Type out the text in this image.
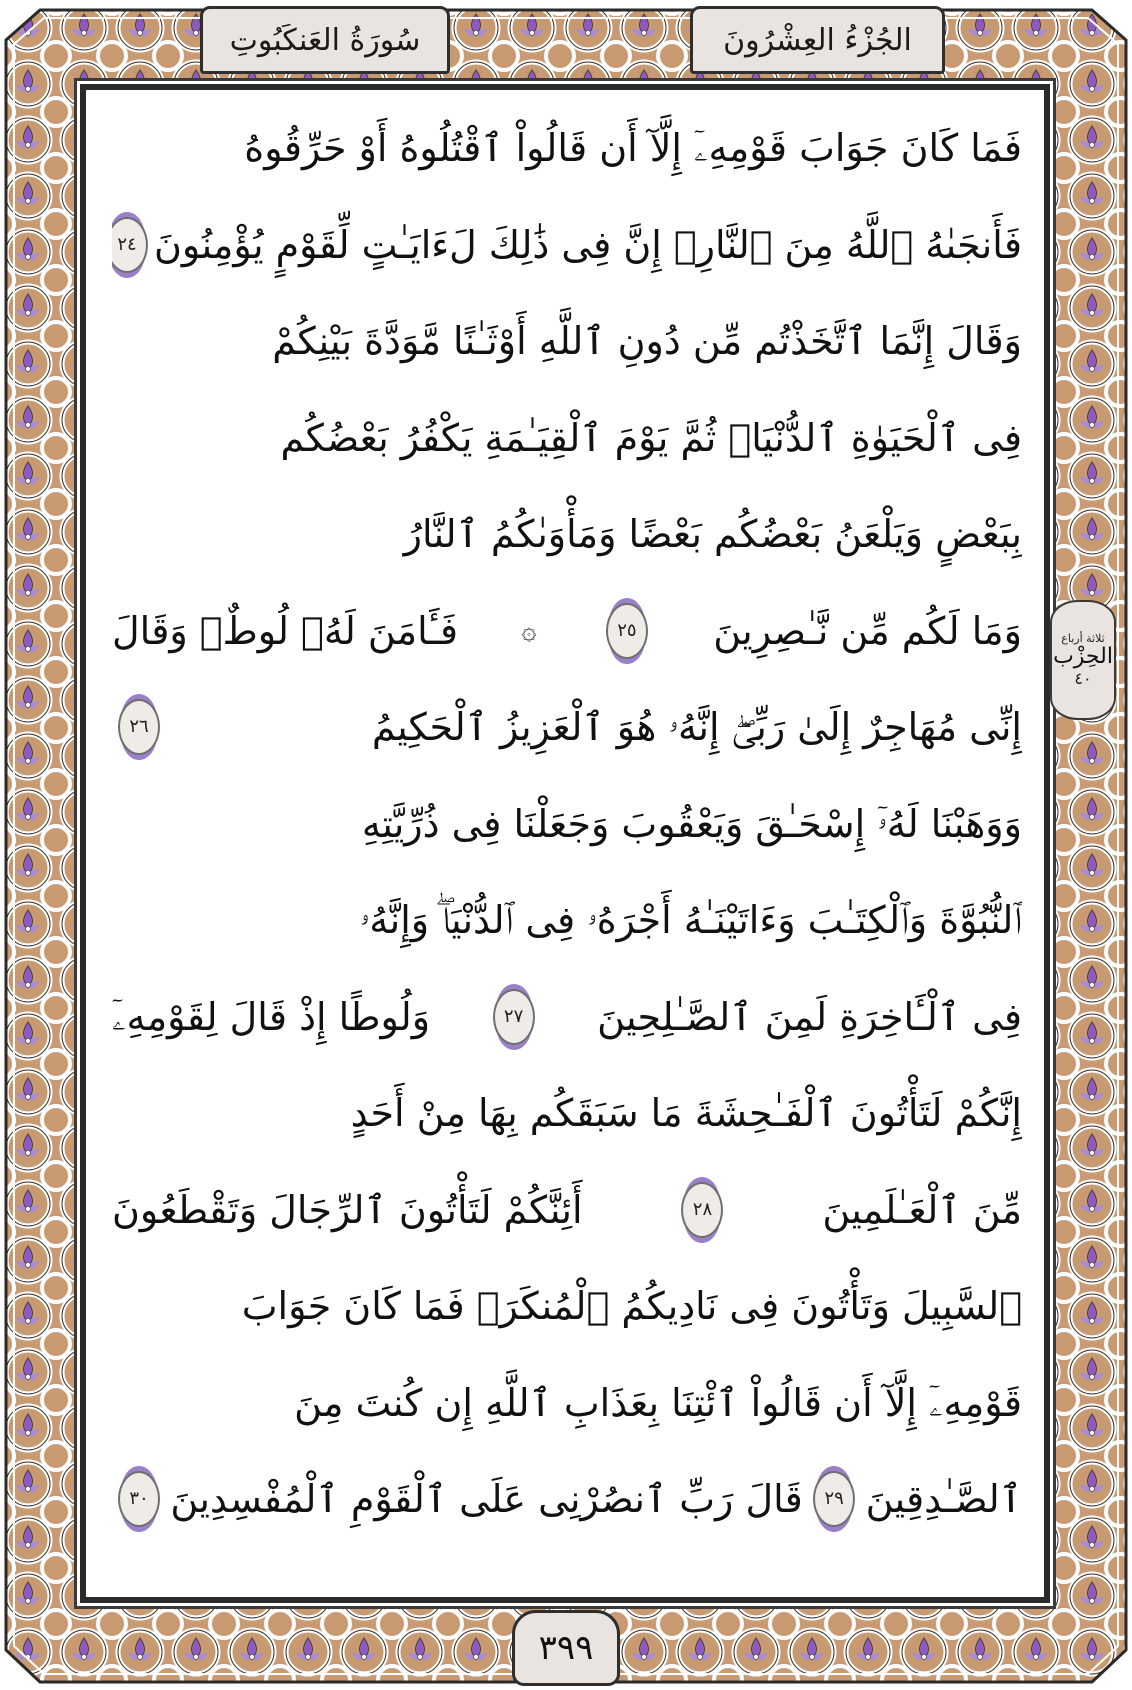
سُورَةُ العَنكَبُوتِ	الجُزْءُ العِشْرُونَ
فَمَا كَانَ جَوَابَ قَوْمِهِۦٓ إِلَّآ أَن قَالُواْ ٱقْتُلُوهُ أَوْ حَرِّقُوهُ
فَأَنجَىٰهُ ٱللَّهُ مِنَ ٱلنَّارِۚ إِنَّ فِى ذَٰلِكَ لَءَايَـٰتٍ لِّقَوْمٍ يُؤْمِنُونَ
٢٤
وَقَالَ إِنَّمَا ٱتَّخَذْتُم مِّن دُونِ ٱللَّهِ أَوْثَـٰنًا مَّوَدَّةَ بَيْنِكُمْ
فِى ٱلْحَيَوٰةِ ٱلدُّنْيَاۖ ثُمَّ يَوْمَ ٱلْقِيَـٰمَةِ يَكْفُرُ بَعْضُكُم
بِبَعْضٍ وَيَلْعَنُ بَعْضُكُم بَعْضًا وَمَأْوَىٰكُمُ ٱلنَّارُ
وَمَا لَكُم مِّن نَّـٰصِرِينَ
٢٥
۞
فَـَٔامَنَ لَهُۥ لُوطٌۘ وَقَالَ
إِنِّى مُهَاجِرٌ إِلَىٰ رَبِّىٓۖ إِنَّهُۥ هُوَ ٱلْعَزِيزُ ٱلْحَكِيمُ
٢٦
وَوَهَبْنَا لَهُۥٓ إِسْحَـٰقَ وَيَعْقُوبَ وَجَعَلْنَا فِى ذُرِّيَّتِهِ
ٱلنُّبُوَّةَ وَٱلْكِتَـٰبَ وَءَاتَيْنَـٰهُ أَجْرَهُۥ فِى ٱلدُّنْيَاۖ وَإِنَّهُۥ
فِى ٱلْـَٔاخِرَةِ لَمِنَ ٱلصَّـٰلِحِينَ
٢٧
وَلُوطًا إِذْ قَالَ لِقَوْمِهِۦٓ
إِنَّكُمْ لَتَأْتُونَ ٱلْفَـٰحِشَةَ مَا سَبَقَكُم بِهَا مِنْ أَحَدٍ
مِّنَ ٱلْعَـٰلَمِينَ
٢٨
أَئِنَّكُمْ لَتَأْتُونَ ٱلرِّجَالَ وَتَقْطَعُونَ
ٱلسَّبِيلَ وَتَأْتُونَ فِى نَادِيكُمُ ٱلْمُنكَرَۖ فَمَا كَانَ جَوَابَ
قَوْمِهِۦٓ إِلَّآ أَن قَالُواْ ٱئْتِنَا بِعَذَابِ ٱللَّهِ إِن كُنتَ مِنَ
ٱلصَّـٰدِقِينَ
٢٩
قَالَ رَبِّ ٱنصُرْنِى عَلَى ٱلْقَوْمِ ٱلْمُفْسِدِينَ
٣٠
ثلاثة أرباع
الحِزْب
٤٠
٣٩٩
